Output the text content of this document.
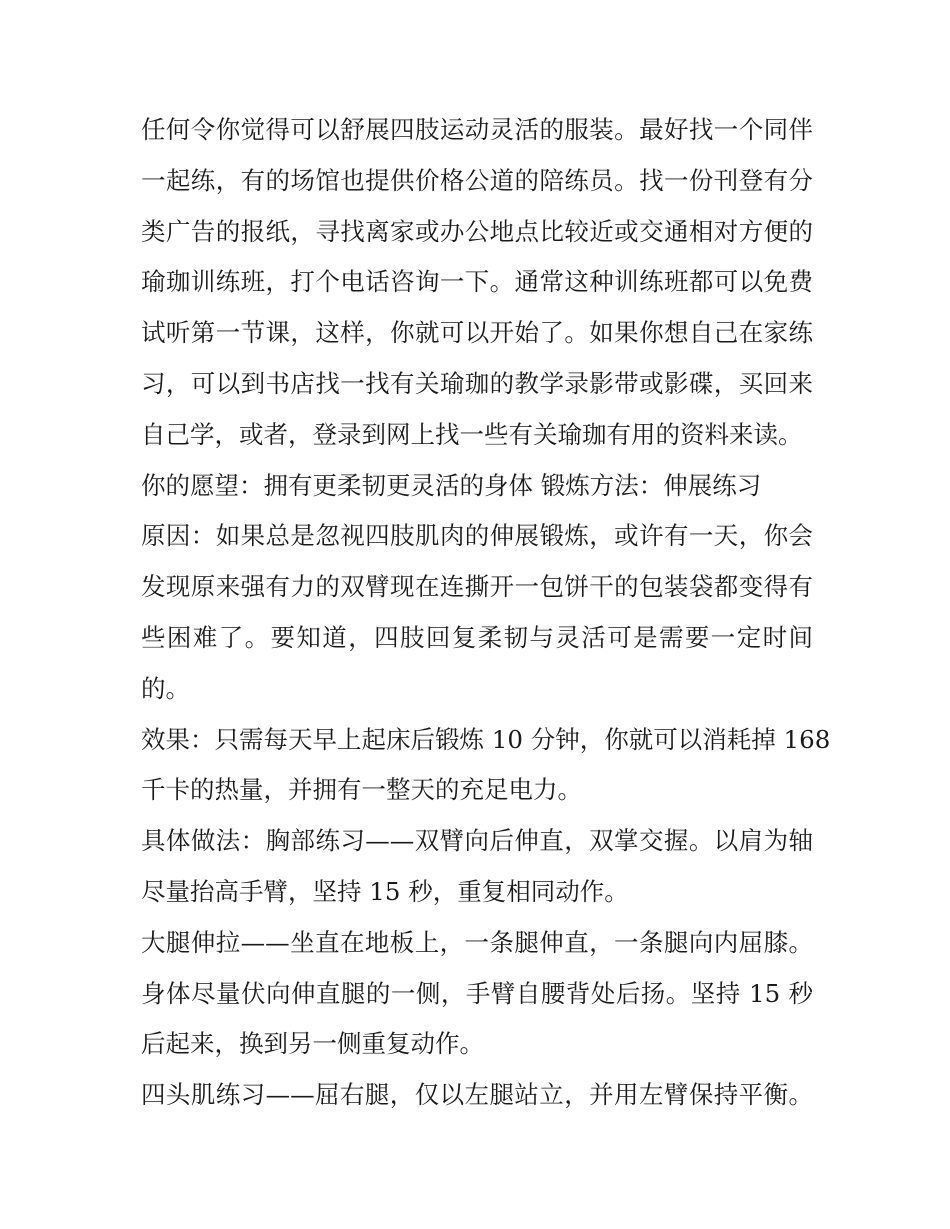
任何令你觉得可以舒展四肢运动灵活的服装。最好找一个同伴
一起练，有的场馆也提供价格公道的陪练员。找一份刊登有分
类广告的报纸，寻找离家或办公地点比较近或交通相对方便的
瑜珈训练班，打个电话咨询一下。通常这种训练班都可以免费
试听第一节课，这样，你就可以开始了。如果你想自己在家练
习，可以到书店找一找有关瑜珈的教学录影带或影碟，买回来
自己学，或者，登录到网上找一些有关瑜珈有用的资料来读。
你的愿望：拥有更柔韧更灵活的身体 锻炼方法：伸展练习
原因：如果总是忽视四肢肌肉的伸展锻炼，或许有一天，你会
发现原来强有力的双臂现在连撕开一包饼干的包装袋都变得有
些困难了。要知道，四肢回复柔韧与灵活可是需要一定时间
的。
效果：只需每天早上起床后锻炼 10 分钟，你就可以消耗掉 168
千卡的热量，并拥有一整天的充足电力。
具体做法：胸部练习——双臂向后伸直，双掌交握。以肩为轴
尽量抬高手臂，坚持 15 秒，重复相同动作。
大腿伸拉——坐直在地板上，一条腿伸直，一条腿向内屈膝。
身体尽量伏向伸直腿的一侧，手臂自腰背处后扬。坚持 15 秒
后起来，换到另一侧重复动作。
四头肌练习——屈右腿，仅以左腿站立，并用左臂保持平衡。
